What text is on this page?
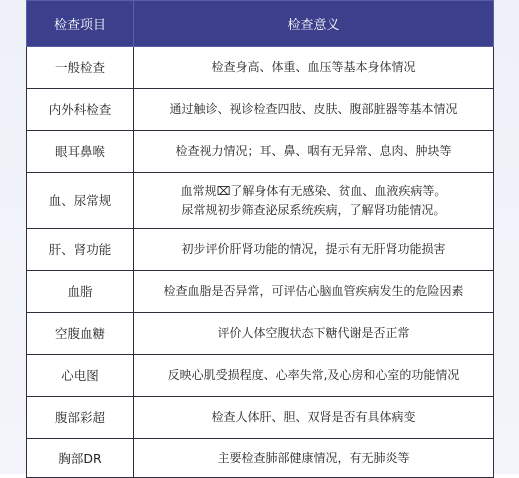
检查项目	检查意义
一般检查	检查身高、体重、血压等基本身体情况

内外科检查	通过触诊、视诊检查四肢、皮肤、腹部脏器等基本情况

眼耳鼻喉	检查视力情况；耳、鼻、咽有无异常、息肉、肿块等

血、尿常规	血常规⌧了解身体有无感染、贫血、血液疾病等。
尿常规初步筛查泌尿系统疾病，了解肾功能情况。

肝、肾功能	初步评价肝肾功能的情况，提示有无肝肾功能损害

血脂	检查血脂是否异常，可评估心脑血管疾病发生的危险因素

空腹血糖	评价人体空腹状态下糖代谢是否正常

心电图	反映心肌受损程度、心率失常,及心房和心室的功能情况

腹部彩超	检查人体肝、胆、双肾是否有具体病变

胸部DR	主要检查肺部健康情况，有无肺炎等
